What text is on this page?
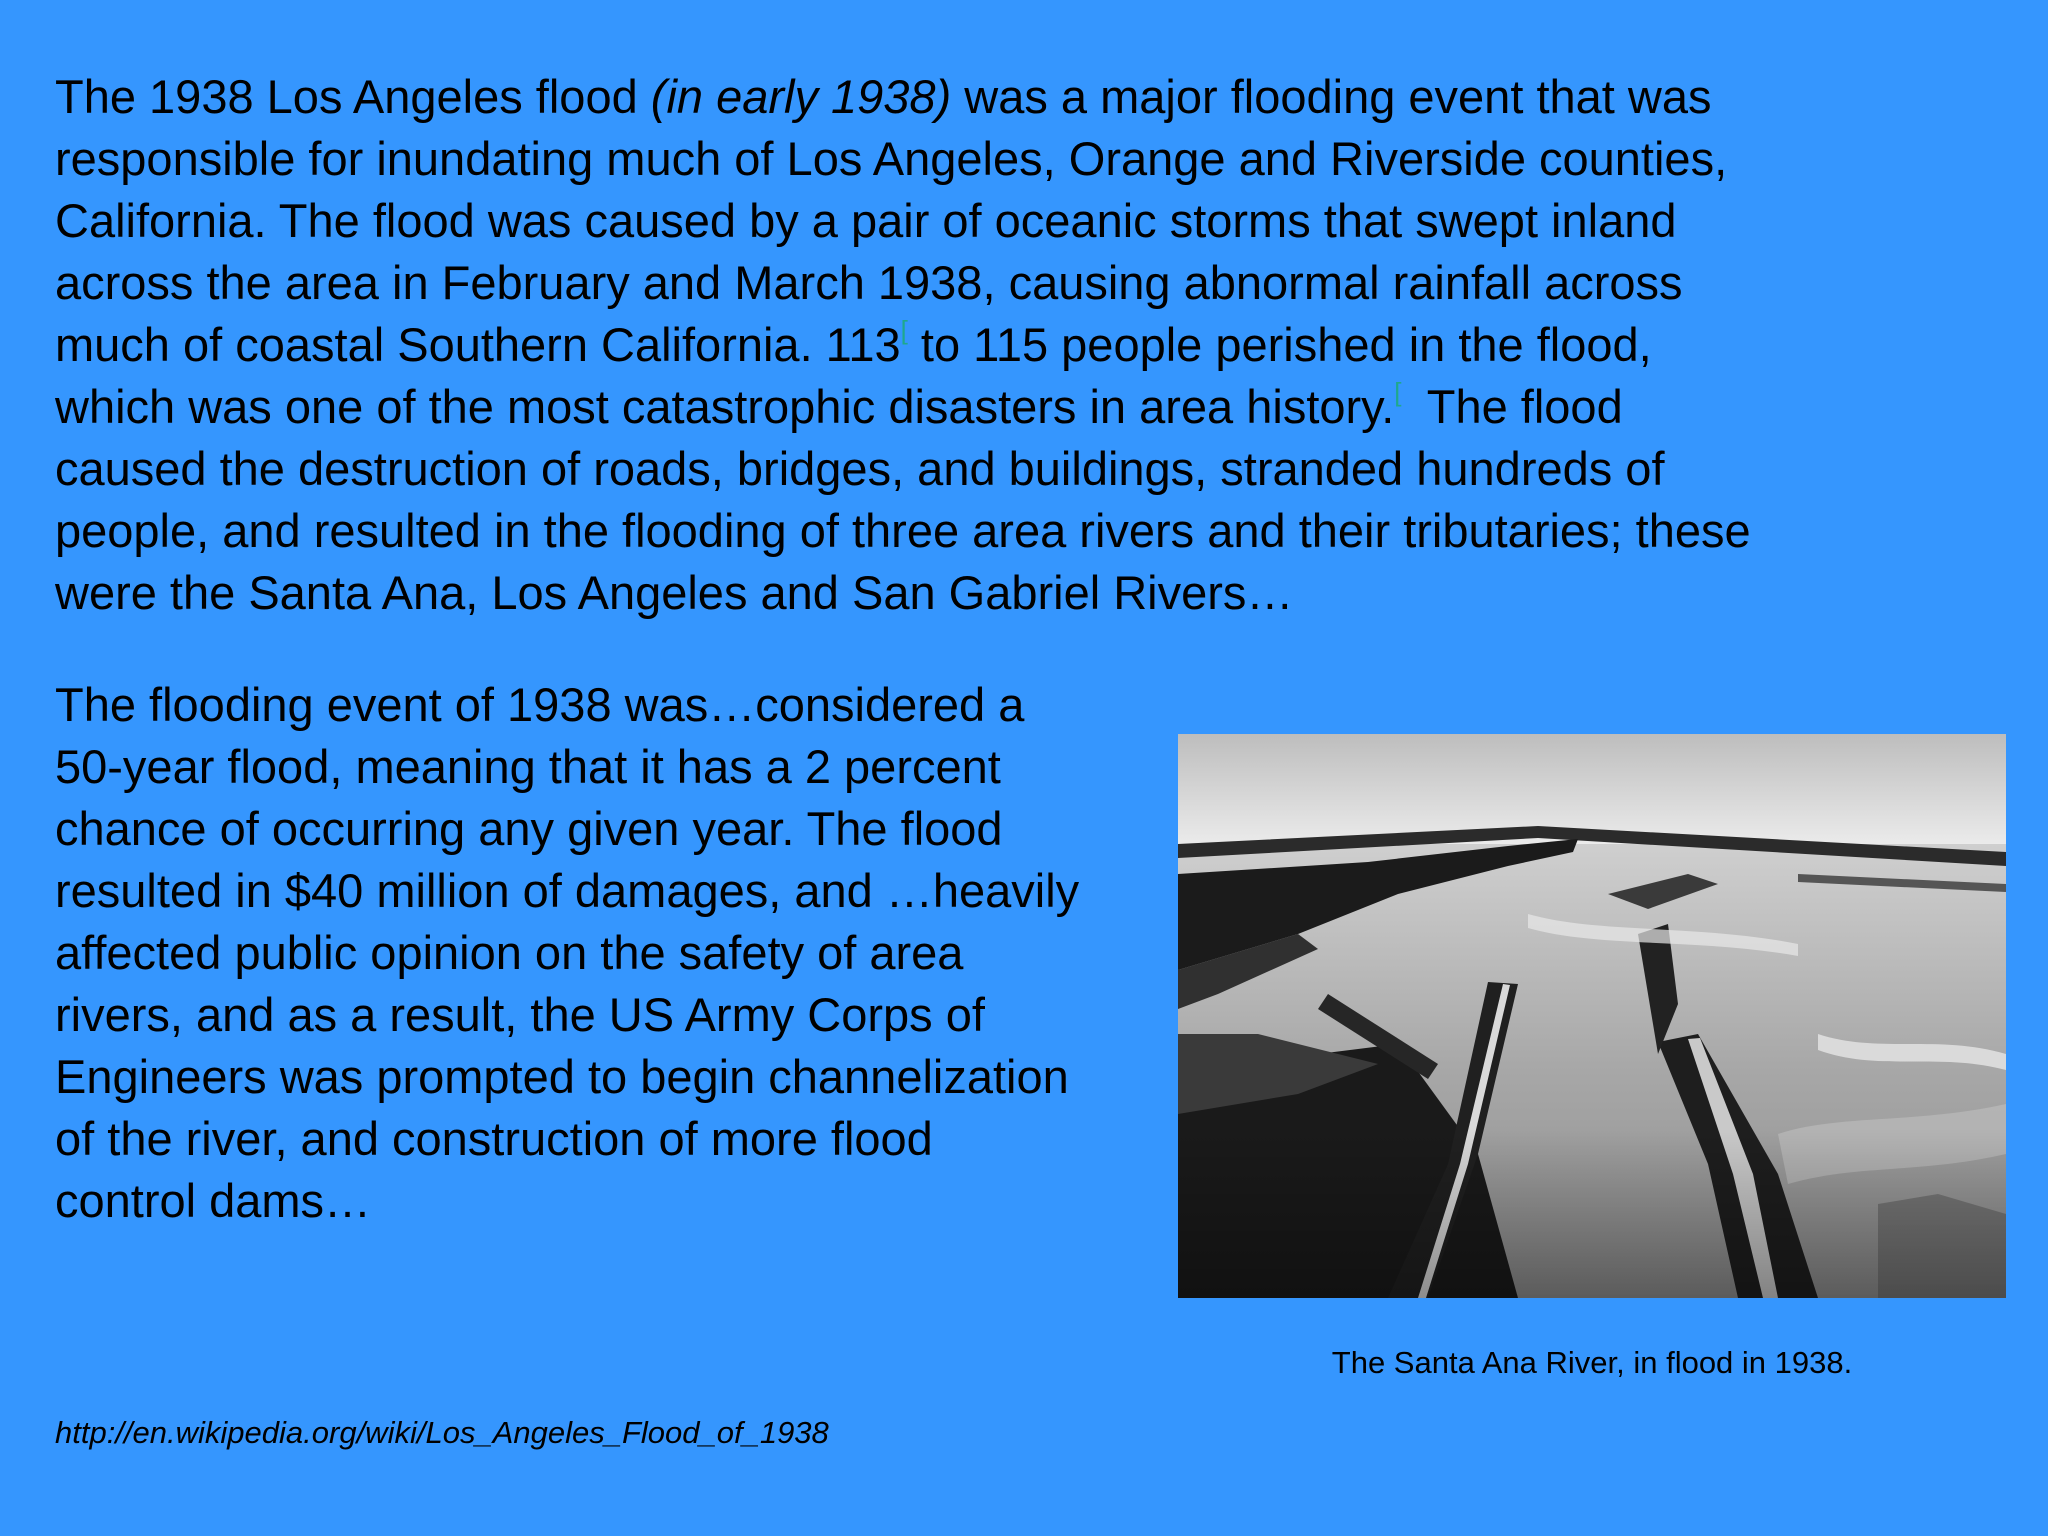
The 1938 Los Angeles flood (in early 1938) was a major flooding event that was
responsible for inundating much of Los Angeles, Orange and Riverside counties,
California. The flood was caused by a pair of oceanic storms that swept inland
across the area in February and March 1938, causing abnormal rainfall across
much of coastal Southern California. 113[ to 115 people perished in the flood,
which was one of the most catastrophic disasters in area history.[  The flood
caused the destruction of roads, bridges, and buildings, stranded hundreds of
people, and resulted in the flooding of three area rivers and their tributaries; these
were the Santa Ana, Los Angeles and San Gabriel Rivers…
The flooding event of 1938 was…considered a
50-year flood, meaning that it has a 2 percent
chance of occurring any given year. The flood
resulted in $40 million of damages, and …heavily
affected public opinion on the safety of area
rivers, and as a result, the US Army Corps of
Engineers was prompted to begin channelization
of the river, and construction of more flood
control dams…
The Santa Ana River, in flood in 1938.
http://en.wikipedia.org/wiki/Los_Angeles_Flood_of_1938
